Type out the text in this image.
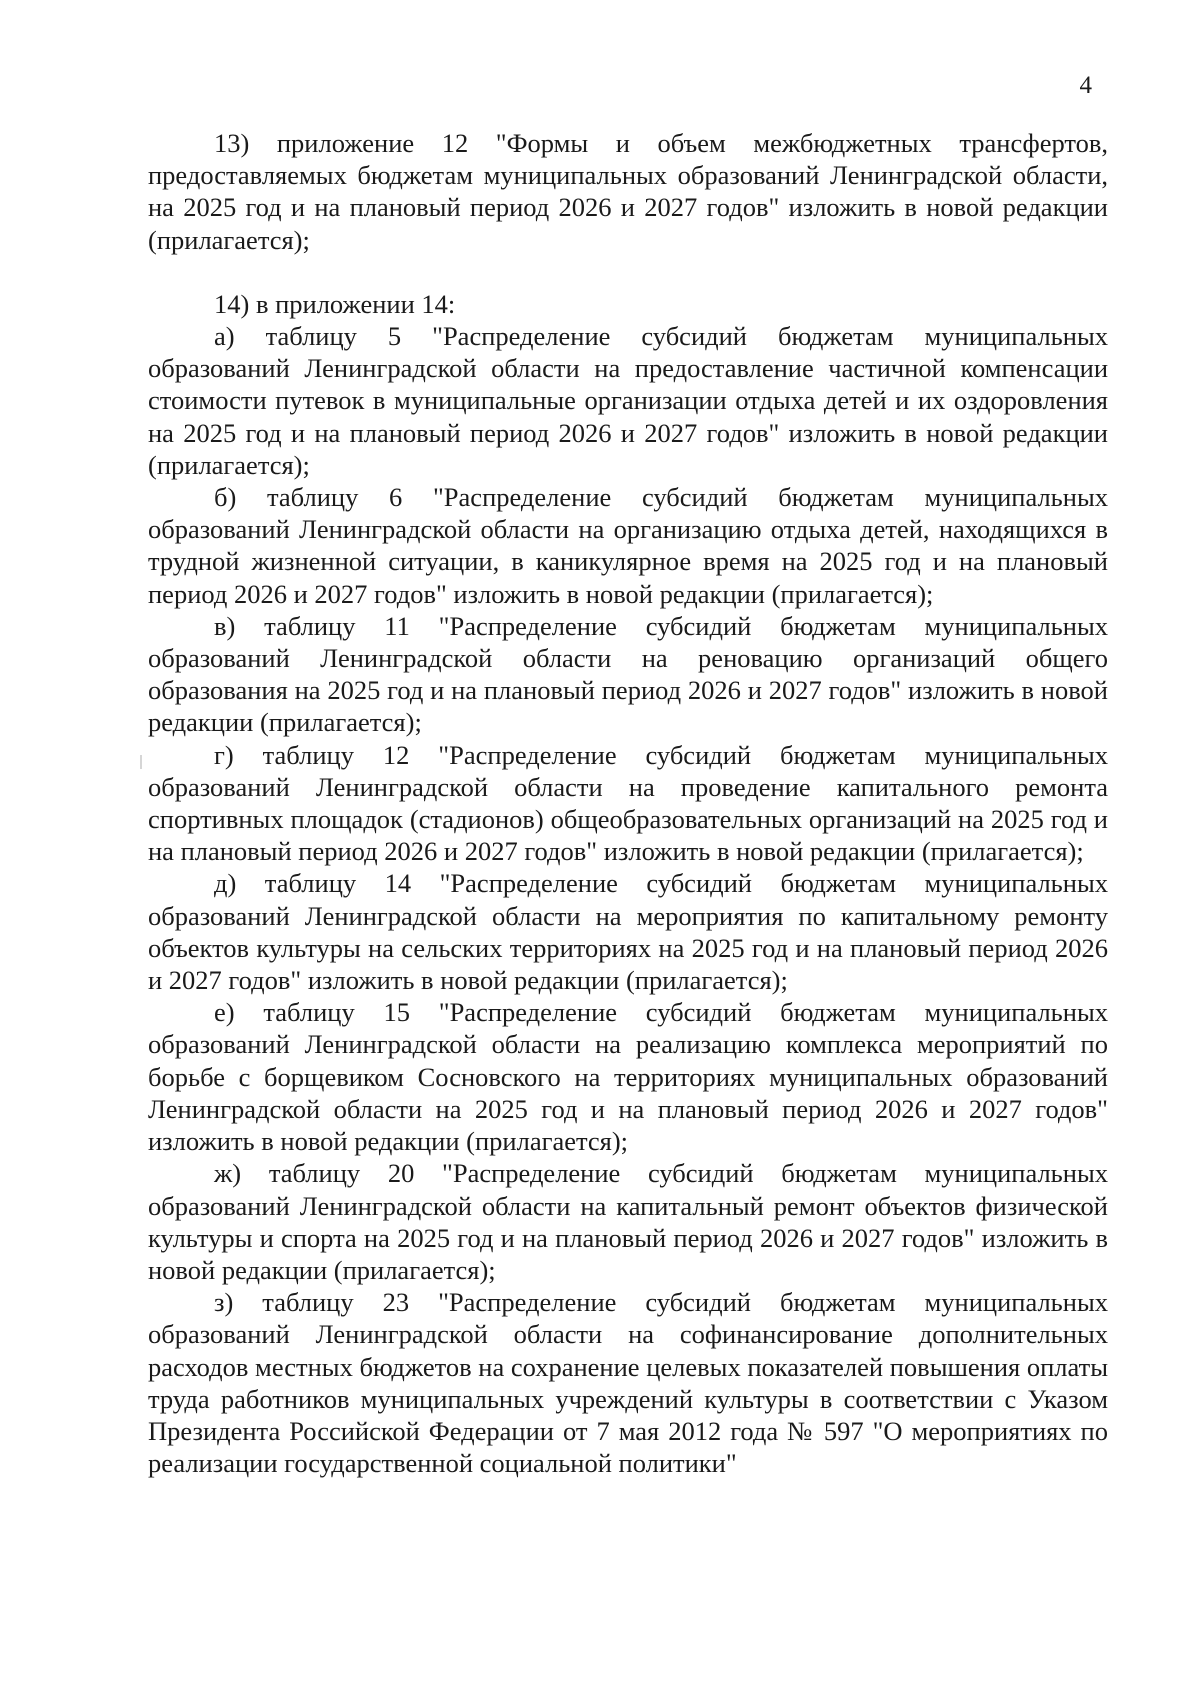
4

13) приложение 12 "Формы и объем межбюджетных трансфертов, предоставляемых бюджетам муниципальных образований Ленинградской области, на 2025 год и на плановый период 2026 и 2027 годов" изложить в новой редакции (прилагается);

14) в приложении 14:

а) таблицу 5 "Распределение субсидий бюджетам муниципальных образований Ленинградской области на предоставление частичной компенсации стоимости путевок в муниципальные организации отдыха детей и их оздоровления на 2025 год и на плановый период 2026 и 2027 годов" изложить в новой редакции (прилагается);

б) таблицу 6 "Распределение субсидий бюджетам муниципальных образований Ленинградской области на организацию отдыха детей, находящихся в трудной жизненной ситуации, в каникулярное время на 2025 год и на плановый период 2026 и 2027 годов" изложить в новой редакции (прилагается);

в) таблицу 11 "Распределение субсидий бюджетам муниципальных образований Ленинградской области на реновацию организаций общего образования на 2025 год и на плановый период 2026 и 2027 годов" изложить в новой редакции (прилагается);

г) таблицу 12 "Распределение субсидий бюджетам муниципальных образований Ленинградской области на проведение капитального ремонта спортивных площадок (стадионов) общеобразовательных организаций на 2025 год и на плановый период 2026 и 2027 годов" изложить в новой редакции (прилагается);

д) таблицу 14 "Распределение субсидий бюджетам муниципальных образований Ленинградской области на мероприятия по капитальному ремонту объектов культуры на сельских территориях на 2025 год и на плановый период 2026 и 2027 годов" изложить в новой редакции (прилагается);

е) таблицу 15 "Распределение субсидий бюджетам муниципальных образований Ленинградской области на реализацию комплекса мероприятий по борьбе с борщевиком Сосновского на территориях муниципальных образований Ленинградской области на 2025 год и на плановый период 2026 и 2027 годов" изложить в новой редакции (прилагается);

ж) таблицу 20 "Распределение субсидий бюджетам муниципальных образований Ленинградской области на капитальный ремонт объектов физической культуры и спорта на 2025 год и на плановый период 2026 и 2027 годов" изложить в новой редакции (прилагается);

з) таблицу 23 "Распределение субсидий бюджетам муниципальных образований Ленинградской области на софинансирование дополнительных расходов местных бюджетов на сохранение целевых показателей повышения оплаты труда работников муниципальных учреждений культуры в соответствии с Указом Президента Российской Федерации от 7 мая 2012 года № 597 "О мероприятиях по реализации государственной социальной политики"
